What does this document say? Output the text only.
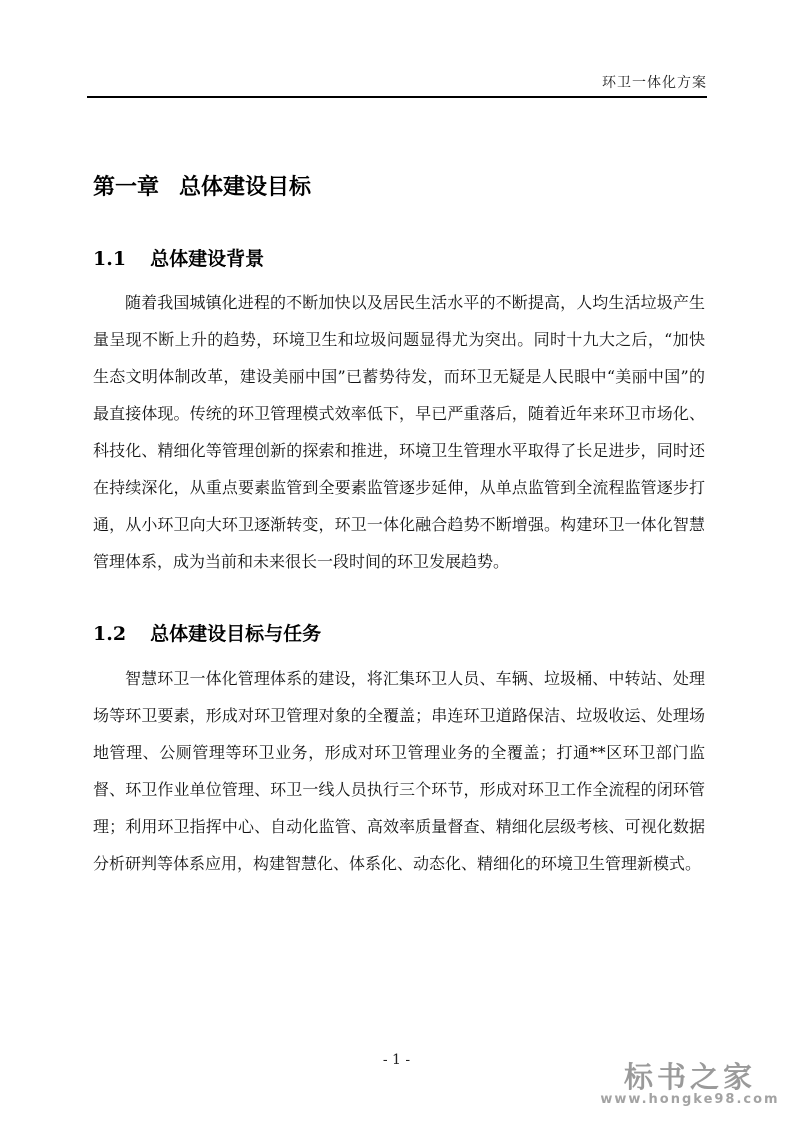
环卫一体化方案
第一章 总体建设目标
1.1 总体建设背景

随着我国城镇化进程的不断加快以及居民生活水平的不断提高，人均生活垃圾产生量呈现不断上升的趋势，环境卫生和垃圾问题显得尤为突出。同时十九大之后，“加快生态文明体制改革，建设美丽中国”已蓄势待发，而环卫无疑是人民眼中“美丽中国”的最直接体现。传统的环卫管理模式效率低下，早已严重落后，随着近年来环卫市场化、科技化、精细化等管理创新的探索和推进，环境卫生管理水平取得了长足进步，同时还在持续深化，从重点要素监管到全要素监管逐步延伸，从单点监管到全流程监管逐步打通，从小环卫向大环卫逐渐转变，环卫一体化融合趋势不断增强。构建环卫一体化智慧管理体系，成为当前和未来很长一段时间的环卫发展趋势。

1.2 总体建设目标与任务

智慧环卫一体化管理体系的建设，将汇集环卫人员、车辆、垃圾桶、中转站、处理场等环卫要素，形成对环卫管理对象的全覆盖；串连环卫道路保洁、垃圾收运、处理场地管理、公厕管理等环卫业务，形成对环卫管理业务的全覆盖；打通**区环卫部门监督、环卫作业单位管理、环卫一线人员执行三个环节，形成对环卫工作全流程的闭环管理；利用环卫指挥中心、自动化监管、高效率质量督查、精细化层级考核、可视化数据分析研判等体系应用，构建智慧化、体系化、动态化、精细化的环境卫生管理新模式。

- 1 -	标书之家
www.hongke98.com
